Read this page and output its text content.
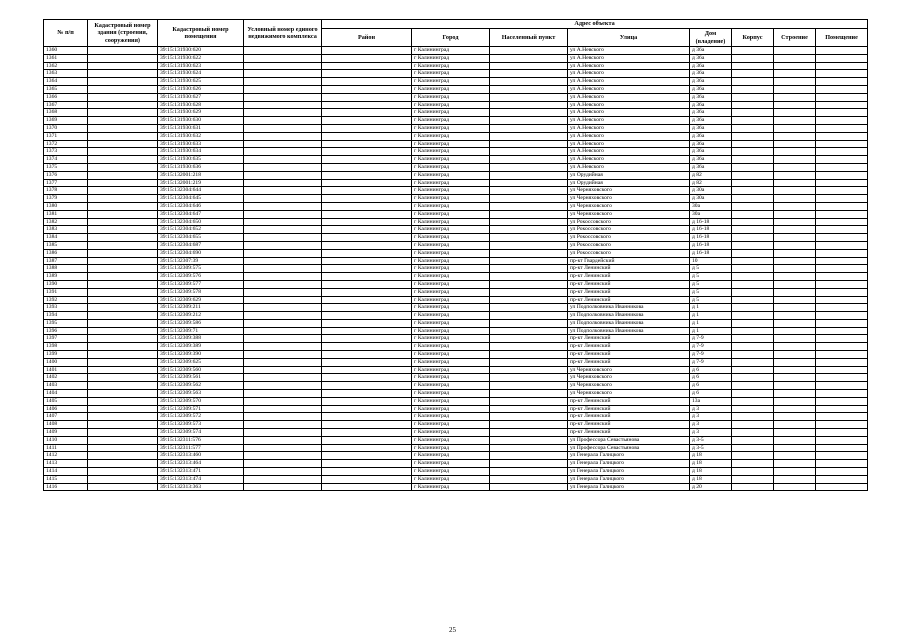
№ п/п	Кадастровый номер здания (строения, сооружения)	Кадастровый номер помещения	Условный номер единого недвижимого комплекса	Адрес объекта							
				Район	Город	Населенный пункт	Улица	Дом (владение)	Корпус	Строение	Помещение
1360		39:15:131930:620			г Калининград		ул А.Невского	д 36а			
1361		39:15:131930:622			г Калининград		ул А.Невского	д 36а			
1362		39:15:131930:623			г Калининград		ул А.Невского	д 36а			
1363		39:15:131930:624			г Калининград		ул А.Невского	д 36а			
1364		39:15:131930:625			г Калининград		ул А.Невского	д 36а			
1365		39:15:131930:626			г Калининград		ул А.Невского	д 36а			
1366		39:15:131930:627			г Калининград		ул А.Невского	д 36а			
1367		39:15:131930:628			г Калининград		ул А.Невского	д 36а			
1368		39:15:131930:629			г Калининград		ул А.Невского	д 36а			
1369		39:15:131930:630			г Калининград		ул А.Невского	д 36а			
1370		39:15:131930:631			г Калининград		ул А.Невского	д 36а			
1371		39:15:131930:632			г Калининград		ул А.Невского	д 36а			
1372		39:15:131930:633			г Калининград		ул А.Невского	д 36а			
1373		39:15:131930:634			г Калининград		ул А.Невского	д 36а			
1374		39:15:131930:635			г Калининград		ул А.Невского	д 36а			
1375		39:15:131930:636			г Калининград		ул А.Невского	д 36а			
1376		39:15:132001:218			г Калининград		ул Орудийная	д 82			
1377		39:15:132001:219			г Калининград		ул Орудийная	д 82			
1378		39:15:132304:644			г Калининград		ул Черняховского	д 30а			
1379		39:15:132304:645			г Калининград		ул Черняховского	д 30а			
1380		39:15:132304:646			г Калининград		ул Черняховского	30а			
1381		39:15:132304:647			г Калининград		ул Черняховского	30а			
1382		39:15:132304:650			г Калининград		ул Рокоссовского	д 16-18			
1383		39:15:132304:652			г Калининград		ул Рокоссовского	д 16-18			
1384		39:15:132304:655			г Калининград		ул Рокоссовского	д 16-18			
1385		39:15:132304:687			г Калининград		ул Рокоссовского	д 16-18			
1386		39:15:132304:690			г Калининград		ул Рокоссовского	д 16-18			
1387		39:15:132307:39			г Калининград		пр-кт Гвардейский	10			
1388		39:15:132309:575			г Калининград		пр-кт Ленинский	д 5			
1389		39:15:132309:576			г Калининград		пр-кт Ленинский	д 5			
1390		39:15:132309:577			г Калининград		пр-кт Ленинский	д 5			
1391		39:15:132309:578			г Калининград		пр-кт Ленинский	д 5			
1392		39:15:132309:629			г Калининград		пр-кт Ленинский	д 5			
1393		39:15:132309:211			г Калининград		ул Подполковника Иванникова	д 1			
1394		39:15:132309:212			г Калининград		ул Подполковника Иванникова	д 1			
1395		39:15:132309:586			г Калининград		ул Подполковника Иванникова	д 1			
1396		39:15:132309:71			г Калининград		ул Подполковника Иванникова	д 1			
1397		39:15:132309:388			г Калининград		пр-кт Ленинский	д 7-9			
1398		39:15:132309:389			г Калининград		пр-кт Ленинский	д 7-9			
1399		39:15:132309:390			г Калининград		пр-кт Ленинский	д 7-9			
1400		39:15:132309:625			г Калининград		пр-кт Ленинский	д 7-9			
1401		39:15:132309:560			г Калининград		ул Черняховского	д 6			
1402		39:15:132309:561			г Калининград		ул Черняховского	д 6			
1403		39:15:132309:562			г Калининград		ул Черняховского	д 6			
1404		39:15:132309:563			г Калининград		ул Черняховского	д 6			
1405		39:15:132309:570			г Калининград		пр-кт Ленинский	13а			
1406		39:15:132309:571			г Калининград		пр-кт Ленинский	д 3			
1407		39:15:132309:572			г Калининград		пр-кт Ленинский	д 3			
1408		39:15:132309:573			г Калининград		пр-кт Ленинский	д 3			
1409		39:15:132309:574			г Калининград		пр-кт Ленинский	д 3			
1410		39:15:132311:576			г Калининград		ул Профессора Севастьянова	д 3-5			
1411		39:15:132311:577			г Калининград		ул Профессора Севастьянова	д 3-5			
1412		39:15:132313:460			г Калининград		ул Генерала Галицкого	д 18			
1413		39:15:132313:464			г Калининград		ул Генерала Галицкого	д 18			
1414		39:15:132313:471			г Калининград		ул Генерала Галицкого	д 18			
1415		39:15:132313:474			г Калининград		ул Генерала Галицкого	д 18			
1416		39:15:132313:363			г Калининград		ул Генерала Галицкого	д 20			
25
